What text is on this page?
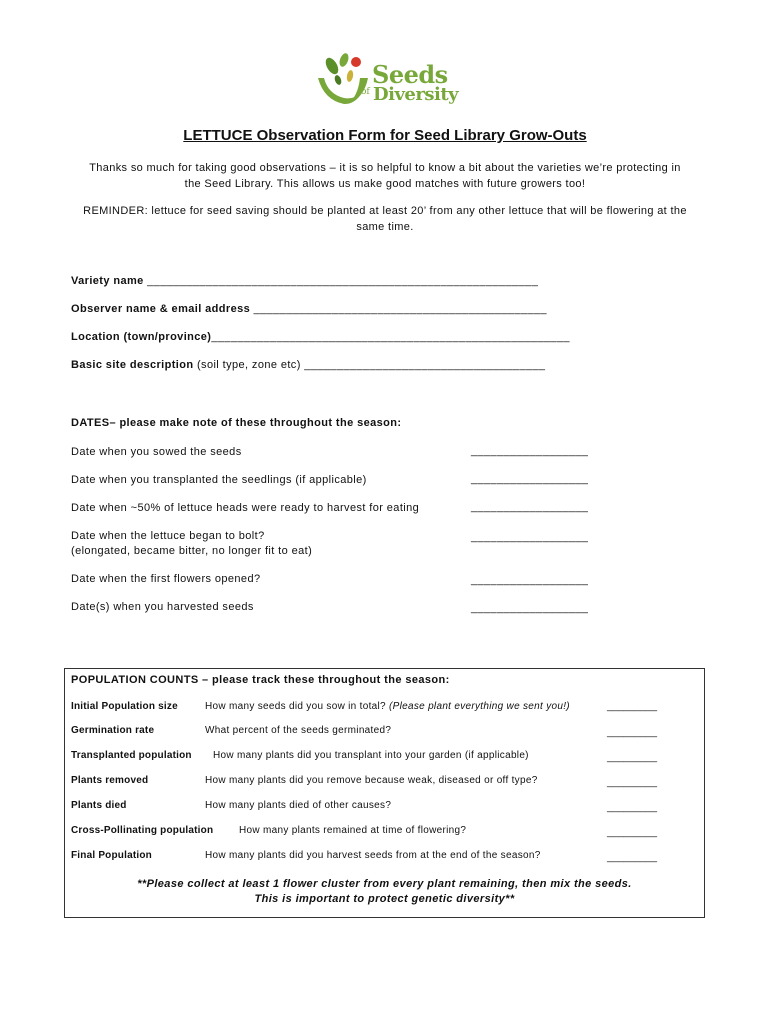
Seeds
of Diversity
LETTUCE Observation Form for Seed Library Grow-Outs
Thanks so much for taking good observations – it is so helpful to know a bit about the varieties we’re protecting in the Seed Library. This allows us make good matches with future growers too!
REMINDER: lettuce for seed saving should be planted at least 20’ from any other lettuce that will be flowering at the same time.
Variety name ____________________________________________________________
Observer name & email address _____________________________________________
Location (town/province)_______________________________________________________
Basic site description (soil type, zone etc) _____________________________________
DATES– please make note of these throughout the season:
Date when you sowed the seeds	__________________
Date when you transplanted the seedlings (if applicable)	__________________
Date when ~50% of lettuce heads were ready to harvest for eating	__________________
Date when the lettuce began to bolt?
(elongated, became bitter, no longer fit to eat)
__________________
Date when the first flowers opened?	__________________
Date(s) when you harvested seeds	__________________
POPULATION COUNTS – please track these throughout the season:
Initial Population size	How many seeds did you sow in total? (Please plant everything we sent you!)	_________
Germination rate	What percent of the seeds germinated?	_________
Transplanted population How many plants did you transplant into your garden (if applicable)	_________
Plants removed	How many plants did you remove because weak, diseased or off type?	_________
Plants died	How many plants died of other causes?	_________
Cross-Pollinating population	How many plants remained at time of flowering?	_________
Final Population	How many plants did you harvest seeds from at the end of the season?	_________
**Please collect at least 1 flower cluster from every plant remaining, then mix the seeds.
This is important to protect genetic diversity**
